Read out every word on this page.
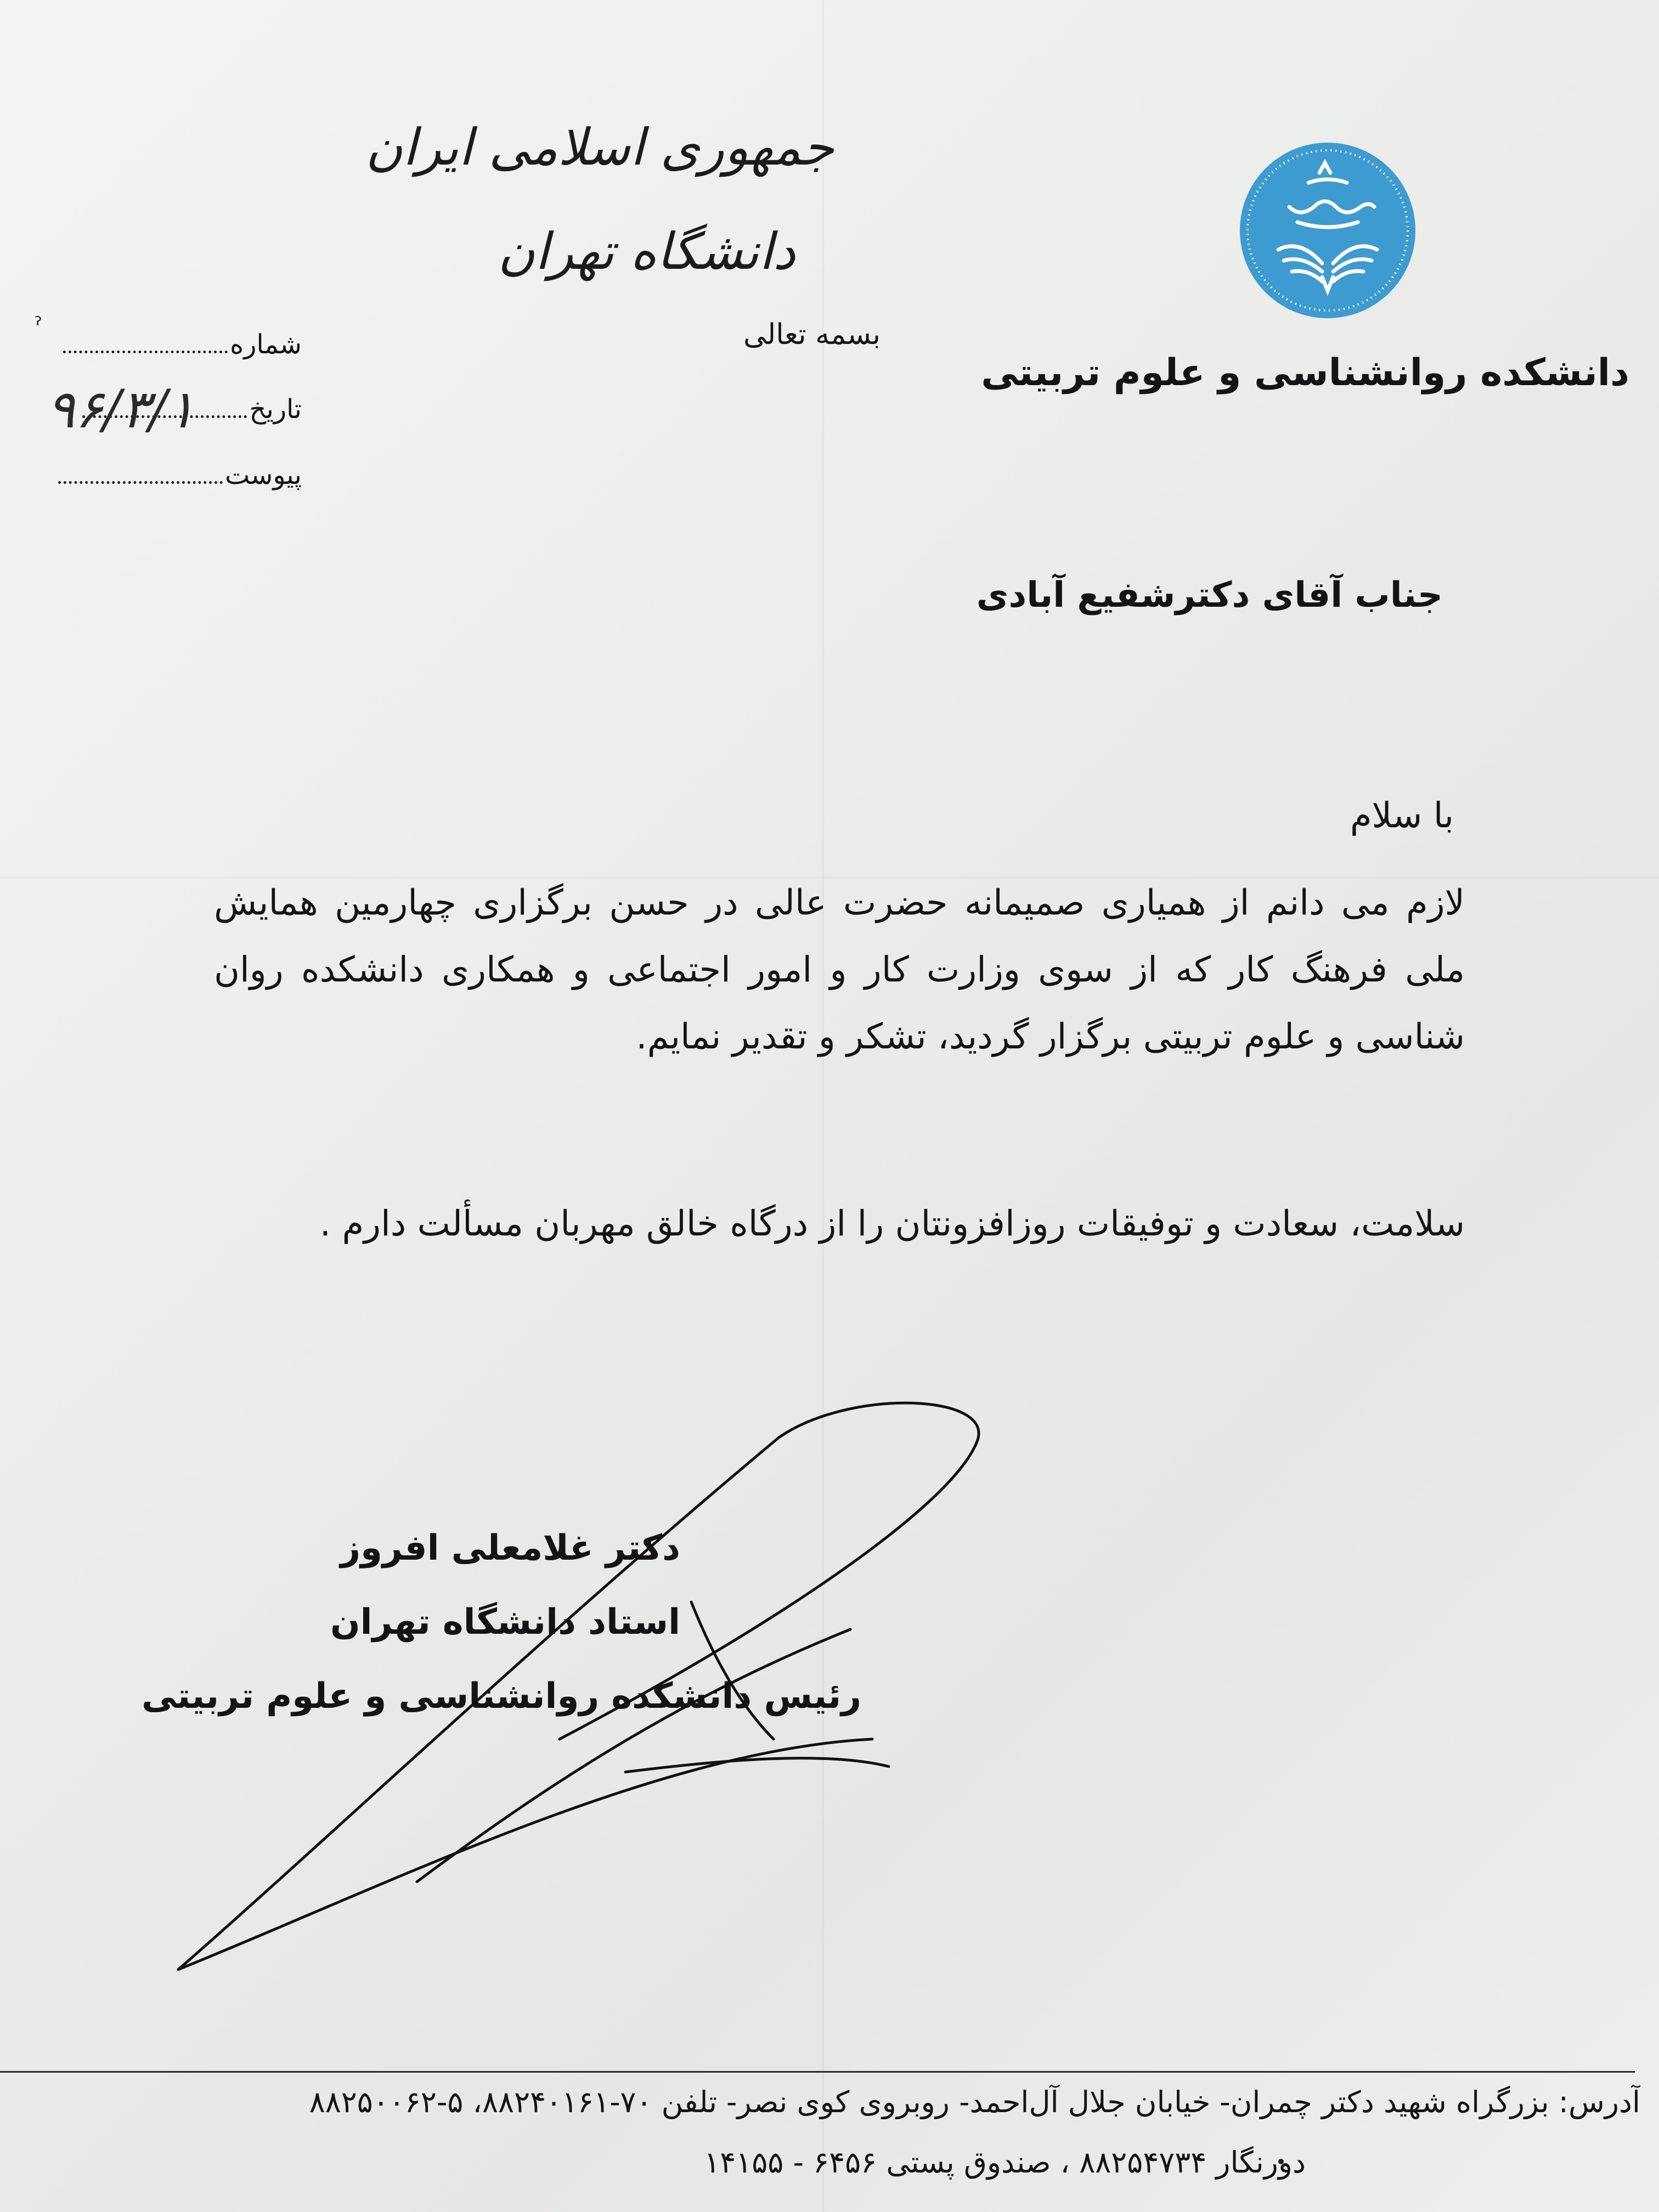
جمهوری اسلامی ایران
دانشگاه تهران
بسمه تعالی
دانشکده روانشناسی و علوم تربیتی
ˀ
شماره
تاریخ
۹۶/۳/۱
پیوست
جناب آقای دکترشفیع آبادی
با سلام
لازم می دانم از همیاری صمیمانه حضرت عالی در حسن برگزاری چهارمین همایش ملی فرهنگ کار که از سوی وزارت کار و امور اجتماعی و همکاری دانشکده روان شناسی و علوم تربیتی برگزار گردید، تشکر و تقدیر نمایم.
سلامت، سعادت و توفیقات روزافزونتان را از درگاه خالق مهربان مسألت دارم .
دکتر غلامعلی افروز
استاد دانشگاه تهران
رئیس دانشکده روانشناسی و علوم تربیتی
آدرس: بزرگراه شهید دکتر چمران- خیابان جلال آل‌احمد- روبروی کوی نصر- تلفن ۷۰-۸۸۲۴۰۱۶۱، ۵-۸۸۲۵۰۰۶۲
دورنگار ۸۸۲۵۴۷۳۴ ، صندوق پستی ۶۴۵۶ - ۱۴۱۵۵
